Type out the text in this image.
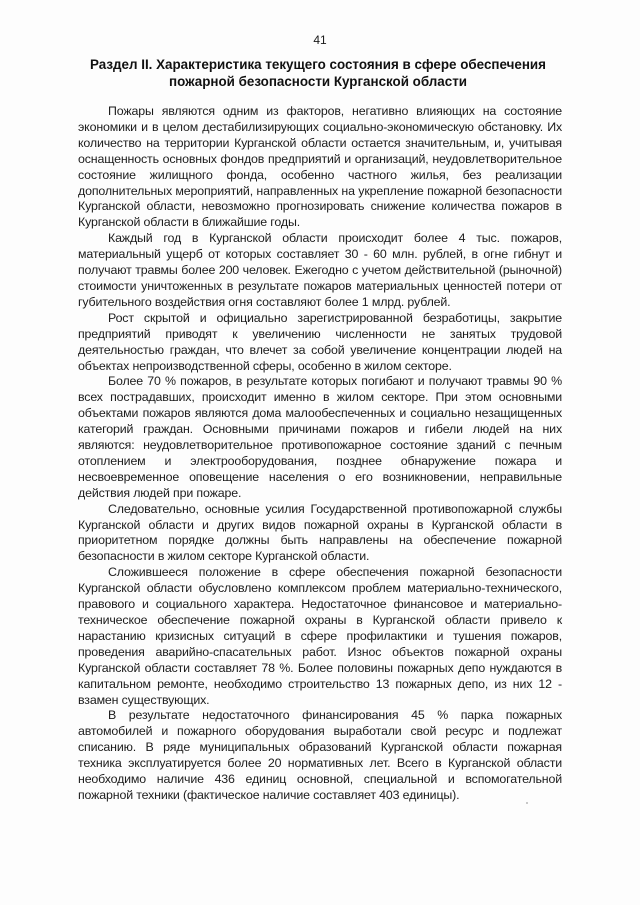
41

Раздел II. Характеристика текущего состояния в сфере обеспечения
пожарной безопасности Курганской области

Пожары являются одним из факторов, негативно влияющих на состояние экономики и в целом дестабилизирующих социально-экономическую обстановку. Их количество на территории Курганской области остается значительным, и, учитывая оснащенность основных фондов предприятий и организаций, неудовлетворительное состояние жилищного фонда, особенно частного жилья, без реализации дополнительных мероприятий, направленных на укрепление пожарной безопасности Курганской области, невозможно прогнозировать снижение количества пожаров в Курганской области в ближайшие годы.

Каждый год в Курганской области происходит более 4 тыс. пожаров, материальный ущерб от которых составляет 30 - 60 млн. рублей, в огне гибнут и получают травмы более 200 человек. Ежегодно с учетом действительной (рыночной) стоимости уничтоженных в результате пожаров материальных ценностей потери от губительного воздействия огня составляют более 1 млрд. рублей.

Рост скрытой и официально зарегистрированной безработицы, закрытие предприятий приводят к увеличению численности не занятых трудовой деятельностью граждан, что влечет за собой увеличение концентрации людей на объектах непроизводственной сферы, особенно в жилом секторе.

Более 70 % пожаров, в результате которых погибают и получают травмы 90 % всех пострадавших, происходит именно в жилом секторе. При этом основными объектами пожаров являются дома малообеспеченных и социально незащищенных категорий граждан. Основными причинами пожаров и гибели людей на них являются: неудовлетворительное противопожарное состояние зданий с печным отоплением и электрооборудования, позднее обнаружение пожара и несвоевременное оповещение населения о его возникновении, неправильные действия людей при пожаре.

Следовательно, основные усилия Государственной противопожарной службы Курганской области и других видов пожарной охраны в Курганской области в приоритетном порядке должны быть направлены на обеспечение пожарной безопасности в жилом секторе Курганской области.

Сложившееся положение в сфере обеспечения пожарной безопасности Курганской области обусловлено комплексом проблем материально-технического, правового и социального характера. Недостаточное финансовое и материально-техническое обеспечение пожарной охраны в Курганской области привело к нарастанию кризисных ситуаций в сфере профилактики и тушения пожаров, проведения аварийно-спасательных работ. Износ объектов пожарной охраны Курганской области составляет 78 %. Более половины пожарных депо нуждаются в капитальном ремонте, необходимо строительство 13 пожарных депо, из них 12 - взамен существующих.

В результате недостаточного финансирования 45 % парка пожарных автомобилей и пожарного оборудования выработали свой ресурс и подлежат списанию. В ряде муниципальных образований Курганской области пожарная техника эксплуатируется более 20 нормативных лет. Всего в Курганской области необходимо наличие 436 единиц основной, специальной и вспомогательной пожарной техники (фактическое наличие составляет 403 единицы).
